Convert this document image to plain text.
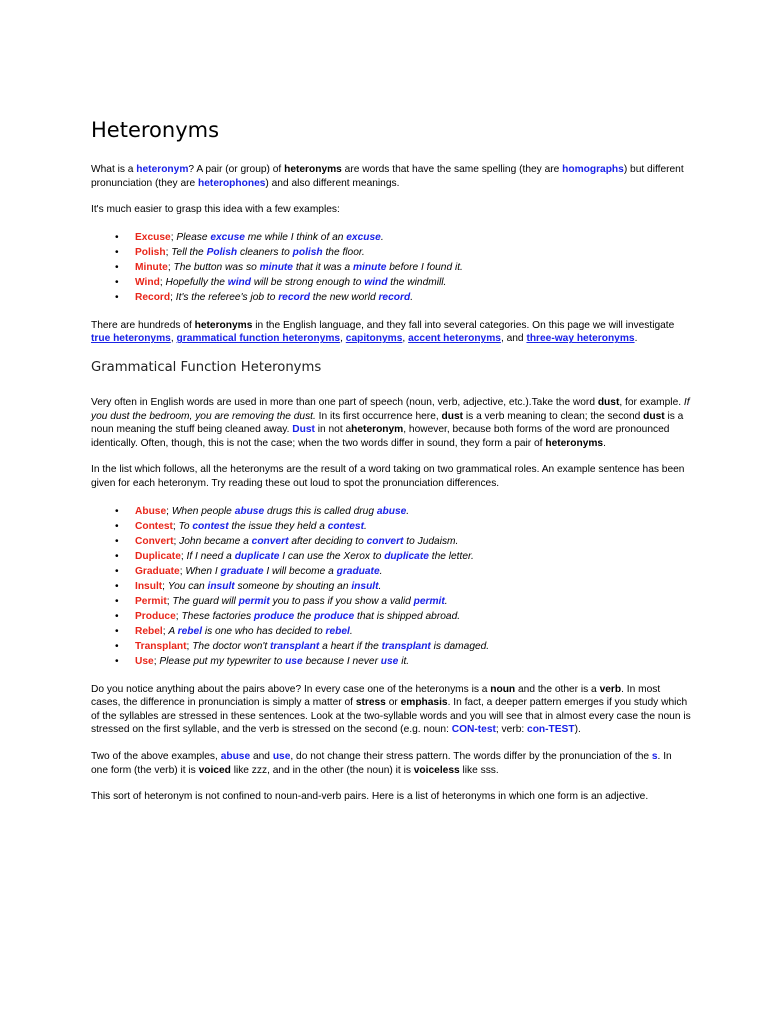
Heteronyms

What is a heteronym? A pair (or group) of heteronyms are words that have the same spelling (they are homographs) but different pronunciation (they are heterophones) and also different meanings.

It's much easier to grasp this idea with a few examples:

• Excuse; Please excuse me while I think of an excuse.
• Polish; Tell the Polish cleaners to polish the floor.
• Minute; The button was so minute that it was a minute before I found it.
• Wind; Hopefully the wind will be strong enough to wind the windmill.
• Record; It's the referee's job to record the new world record.

There are hundreds of heteronyms in the English language, and they fall into several categories. On this page we will investigate true heteronyms, grammatical function heteronyms, capitonyms, accent heteronyms, and three-way heteronyms.

Grammatical Function Heteronyms

Very often in English words are used in more than one part of speech (noun, verb, adjective, etc.).Take the word dust, for example. If you dust the bedroom, you are removing the dust. In its first occurrence here, dust is a verb meaning to clean; the second dust is a noun meaning the stuff being cleaned away. Dust in not aheteronym, however, because both forms of the word are pronounced identically. Often, though, this is not the case; when the two words differ in sound, they form a pair of heteronyms.

In the list which follows, all the heteronyms are the result of a word taking on two grammatical roles. An example sentence has been given for each heteronym. Try reading these out loud to spot the pronunciation differences.

• Abuse; When people abuse drugs this is called drug abuse.
• Contest; To contest the issue they held a contest.
• Convert; John became a convert after deciding to convert to Judaism.
• Duplicate; If I need a duplicate I can use the Xerox to duplicate the letter.
• Graduate; When I graduate I will become a graduate.
• Insult; You can insult someone by shouting an insult.
• Permit; The guard will permit you to pass if you show a valid permit.
• Produce; These factories produce the produce that is shipped abroad.
• Rebel; A rebel is one who has decided to rebel.
• Transplant; The doctor won't transplant a heart if the transplant is damaged.
• Use; Please put my typewriter to use because I never use it.

Do you notice anything about the pairs above? In every case one of the heteronyms is a noun and the other is a verb. In most cases, the difference in pronunciation is simply a matter of stress or emphasis. In fact, a deeper pattern emerges if you study which of the syllables are stressed in these sentences. Look at the two-syllable words and you will see that in almost every case the noun is stressed on the first syllable, and the verb is stressed on the second (e.g. noun: CON-test; verb: con-TEST).

Two of the above examples, abuse and use, do not change their stress pattern. The words differ by the pronunciation of the s. In one form (the verb) it is voiced like zzz, and in the other (the noun) it is voiceless like sss.

This sort of heteronym is not confined to noun-and-verb pairs. Here is a list of heteronyms in which one form is an adjective.
